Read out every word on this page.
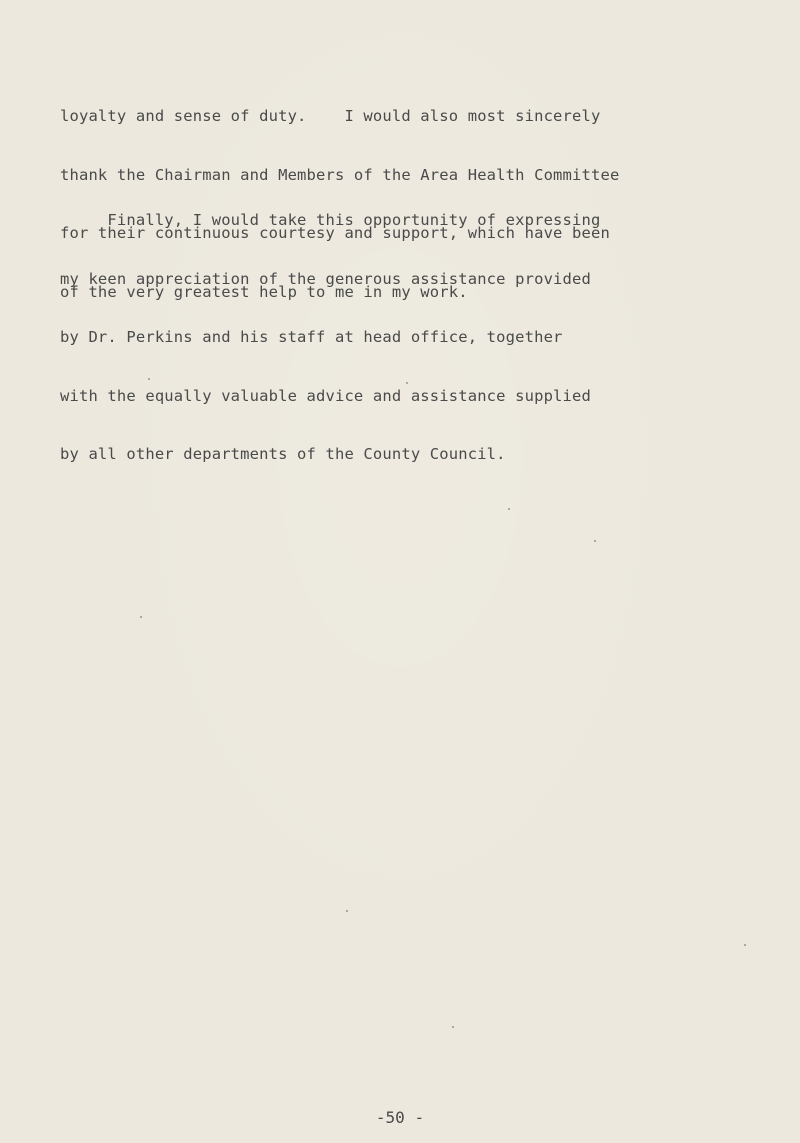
loyalty and sense of duty.    I would also most sincerely

thank the Chairman and Members of the Area Health Committee

for their continuous courtesy and support, which have been

of the very greatest help to me in my work.

Finally, I would take this opportunity of expressing

my keen appreciation of the generous assistance provided

by Dr. Perkins and his staff at head office, together

with the equally valuable advice and assistance supplied

by all other departments of the County Council.

-50 -
